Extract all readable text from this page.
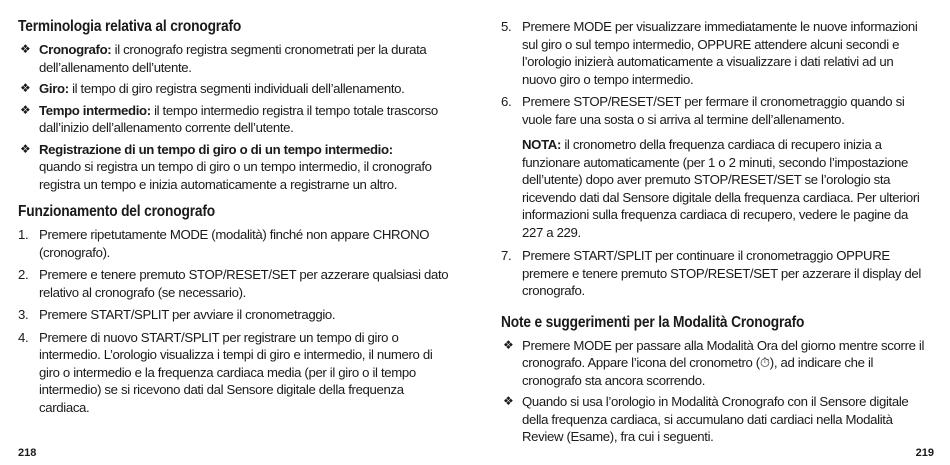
Terminologia relativa al cronografo
❖ Cronografo: il cronografo registra segmenti cronometrati per la durata dell’allenamento dell’utente.
❖ Giro: il tempo di giro registra segmenti individuali dell’allenamento.
❖ Tempo intermedio: il tempo intermedio registra il tempo totale trascorso dall’inizio dell’allenamento corrente dell’utente.
❖ Registrazione di un tempo di giro o di un tempo intermedio:
quando si registra un tempo di giro o un tempo intermedio, il cronografo registra un tempo e inizia automaticamente a registrarne un altro.
Funzionamento del cronografo
1. Premere ripetutamente MODE (modalità) finché non appare CHRONO (cronografo).
2. Premere e tenere premuto STOP/RESET/SET per azzerare qualsiasi dato relativo al cronografo (se necessario).
3. Premere START/SPLIT per avviare il cronometraggio.
4. Premere di nuovo START/SPLIT per registrare un tempo di giro o intermedio. L’orologio visualizza i tempi di giro e intermedio, il numero di giro o intermedio e la frequenza cardiaca media (per il giro o il tempo intermedio) se si ricevono dati dal Sensore digitale della frequenza cardiaca.
218
5. Premere MODE per visualizzare immediatamente le nuove informazioni sul giro o sul tempo intermedio, OPPURE attendere alcuni secondi e l’orologio inizierà automaticamente a visualizzare i dati relativi ad un nuovo giro o tempo intermedio.
6. Premere STOP/RESET/SET per fermare il cronometraggio quando si vuole fare una sosta o si arriva al termine dell’allenamento.
NOTA: il cronometro della frequenza cardiaca di recupero inizia a funzionare automaticamente (per 1 o 2 minuti, secondo l’impostazione dell’utente) dopo aver premuto STOP/RESET/SET se l’orologio sta ricevendo dati dal Sensore digitale della frequenza cardiaca. Per ulteriori informazioni sulla frequenza cardiaca di recupero, vedere le pagine da 227 a 229.
7. Premere START/SPLIT per continuare il cronometraggio OPPURE premere e tenere premuto STOP/RESET/SET per azzerare il display del cronografo.
Note e suggerimenti per la Modalità Cronografo
❖ Premere MODE per passare alla Modalità Ora del giorno mentre scorre il cronografo. Appare l’icona del cronometro (⏱), ad indicare che il cronografo sta ancora scorrendo.
❖ Quando si usa l’orologio in Modalità Cronografo con il Sensore digitale della frequenza cardiaca, si accumulano dati cardiaci nella Modalità Review (Esame), fra cui i seguenti.
219
